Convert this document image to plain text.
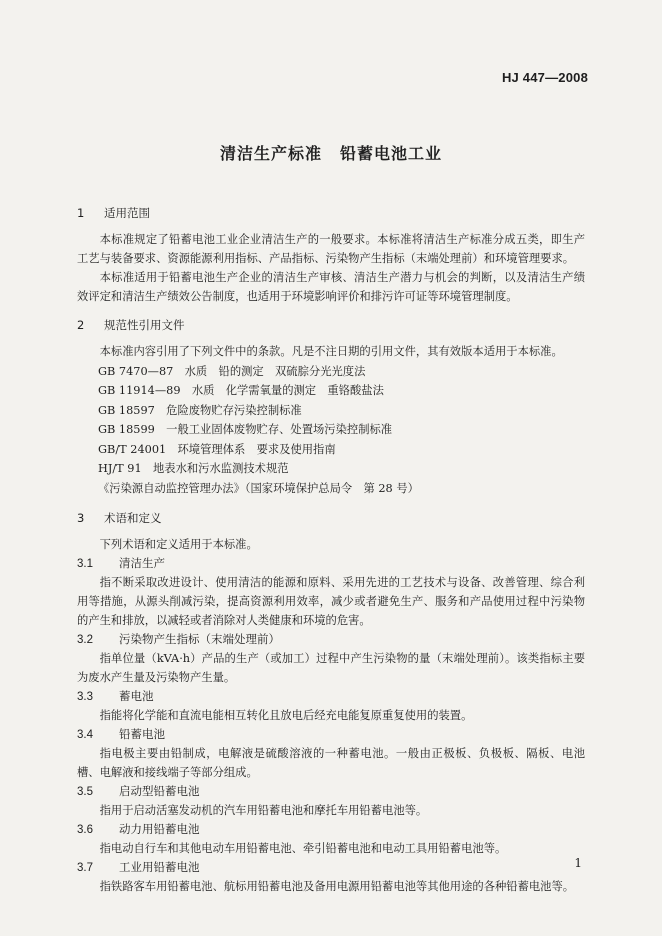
HJ 447—2008
清洁生产标准 铅蓄电池工业

1 适用范围

本标准规定了铅蓄电池工业企业清洁生产的一般要求。本标准将清洁生产标准分成五类，即生产工艺与装备要求、资源能源利用指标、产品指标、污染物产生指标（末端处理前）和环境管理要求。

本标准适用于铅蓄电池生产企业的清洁生产审核、清洁生产潜力与机会的判断，以及清洁生产绩效评定和清洁生产绩效公告制度，也适用于环境影响评价和排污许可证等环境管理制度。

2 规范性引用文件

本标准内容引用了下列文件中的条款。凡是不注日期的引用文件，其有效版本适用于本标准。

GB 7470—87　水质　铅的测定　双硫腙分光光度法

GB 11914—89　水质　化学需氧量的测定　重铬酸盐法

GB 18597　危险废物贮存污染控制标准

GB 18599　一般工业固体废物贮存、处置场污染控制标准

GB/T 24001　环境管理体系　要求及使用指南

HJ/T 91　地表水和污水监测技术规范

《污染源自动监控管理办法》（国家环境保护总局令　第 28 号）

3 术语和定义

下列术语和定义适用于本标准。

3.1 清洁生产

指不断采取改进设计、使用清洁的能源和原料、采用先进的工艺技术与设备、改善管理、综合利用等措施，从源头削减污染，提高资源利用效率，减少或者避免生产、服务和产品使用过程中污染物的产生和排放，以减轻或者消除对人类健康和环境的危害。

3.2 污染物产生指标（末端处理前）

指单位量（kVA·h）产品的生产（或加工）过程中产生污染物的量（末端处理前）。该类指标主要为废水产生量及污染物产生量。

3.3 蓄电池

指能将化学能和直流电能相互转化且放电后经充电能复原重复使用的装置。

3.4 铅蓄电池

指电极主要由铅制成，电解液是硫酸溶液的一种蓄电池。一般由正极板、负极板、隔板、电池槽、电解液和接线端子等部分组成。

3.5 启动型铅蓄电池

指用于启动活塞发动机的汽车用铅蓄电池和摩托车用铅蓄电池等。

3.6 动力用铅蓄电池

指电动自行车和其他电动车用铅蓄电池、牵引铅蓄电池和电动工具用铅蓄电池等。

3.7 工业用铅蓄电池

指铁路客车用铅蓄电池、航标用铅蓄电池及备用电源用铅蓄电池等其他用途的各种铅蓄电池等。

1
